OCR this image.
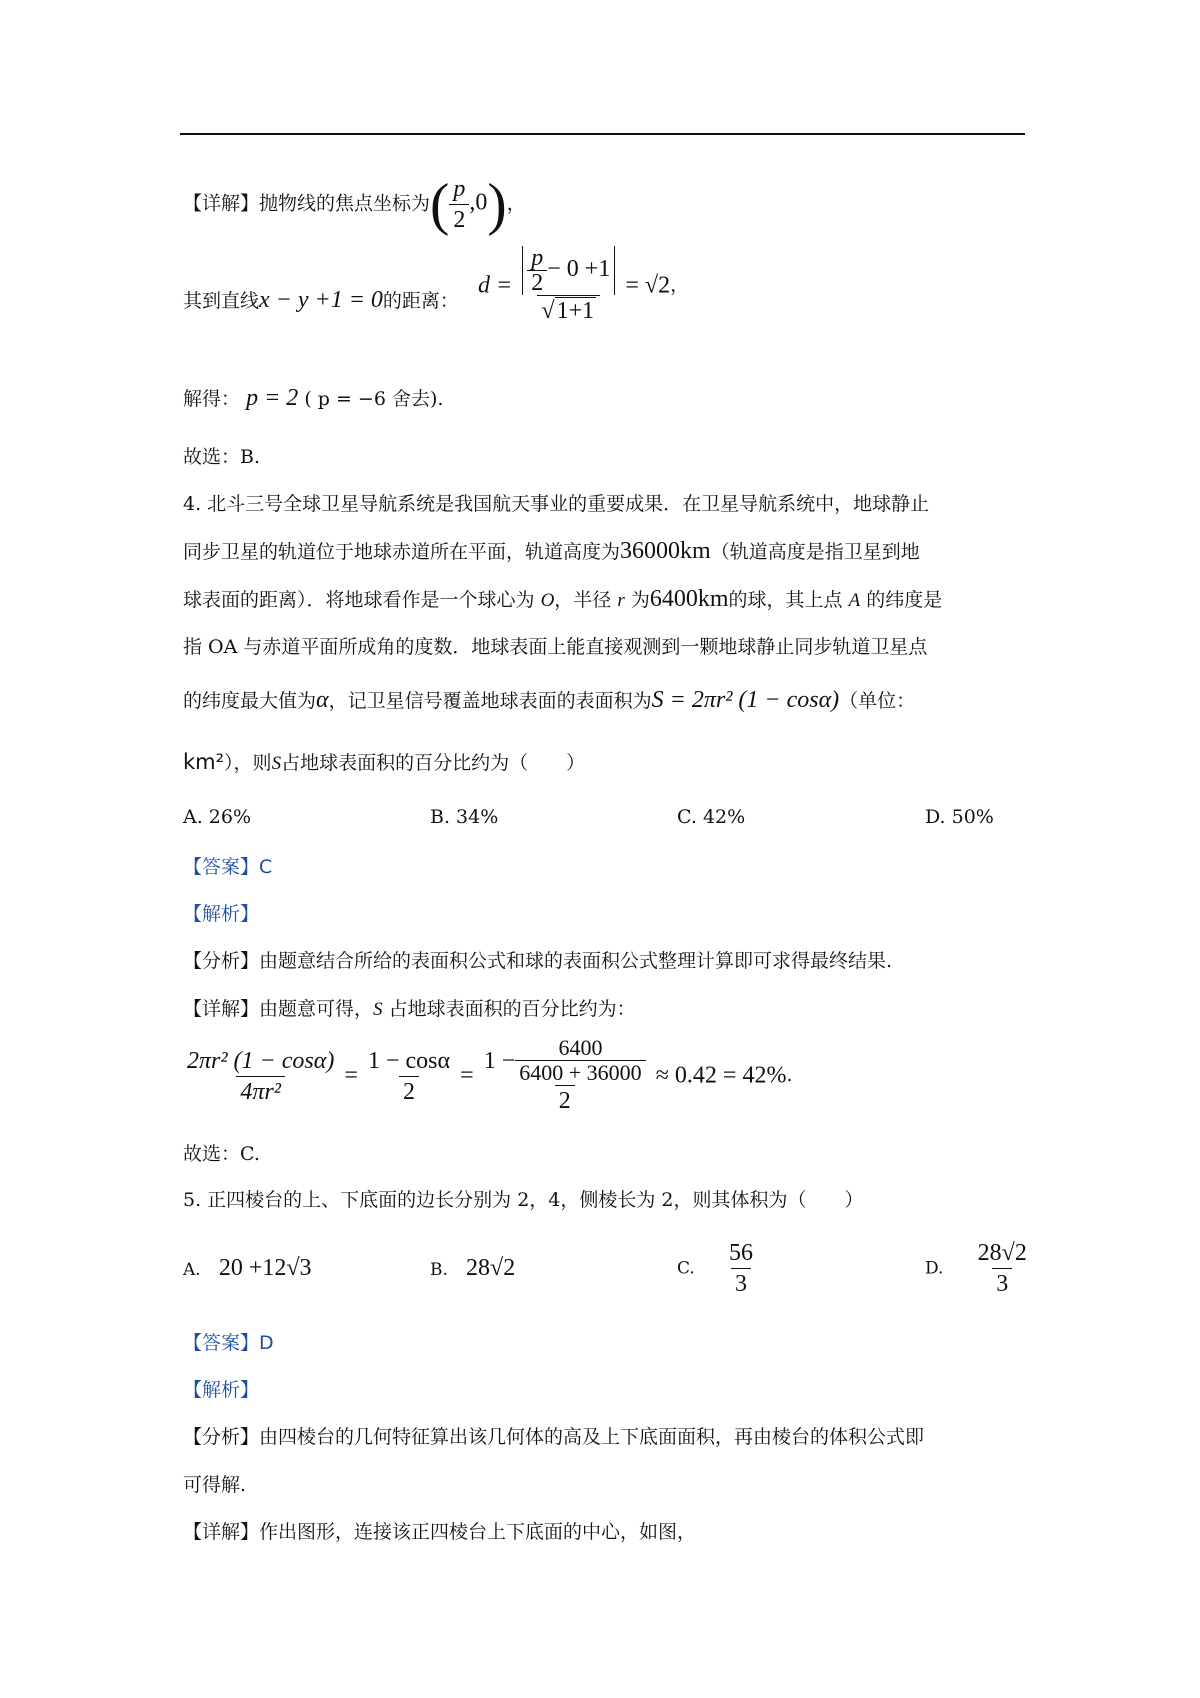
【详解】抛物线的焦点坐标为( $\frac{p}{2} ,0$)，
其到直线x − y +1 = 0的距离：
$d = \frac{\frac{p}{2} - 0 +1}{√1+1} = √2$，
解得： p = 2 ( p = −6 舍去).
故选：B.
4. 北斗三号全球卫星导航系统是我国航天事业的重要成果．在卫星导航系统中，地球静止
同步卫星的轨道位于地球赤道所在平面，轨道高度为36000km（轨道高度是指卫星到地
球表面的距离）．将地球看作是一个球心为 O，半径 r 为6400km的球，其上点 A 的纬度是
指 OA 与赤道平面所成角的度数．地球表面上能直接观测到一颗地球静止同步轨道卫星点
的纬度最大值为α，记卫星信号覆盖地球表面的表面积为S = 2πr² (1 − cosα)（单位：
km²），则S占地球表面积的百分比约为（　　）
A. 26%	B. 34%	C. 42%	D. 50%
【答案】C
【解析】
【分析】由题意结合所给的表面积公式和球的表面积公式整理计算即可求得最终结果.
【详解】由题意可得，S 占地球表面积的百分比约为：
$\frac{\text{2πr² (1 − cosα)}}{\text{4πr²}} = \frac{1 - \cos\alpha}{2} = \frac{1 - \frac{6400}{6400 + 36000}}{2} \approx 0.42 = 42\%$.
故选：C.
5. 正四棱台的上、下底面的边长分别为 2，4，侧棱长为 2，则其体积为（　　）
A. 20 +12√3	B. 28√2	C. $\frac{56}{3}$	D. $\frac{28√2}{3}$
【答案】D
【解析】
【分析】由四棱台的几何特征算出该几何体的高及上下底面面积，再由棱台的体积公式即
可得解.
【详解】作出图形，连接该正四棱台上下底面的中心，如图，
